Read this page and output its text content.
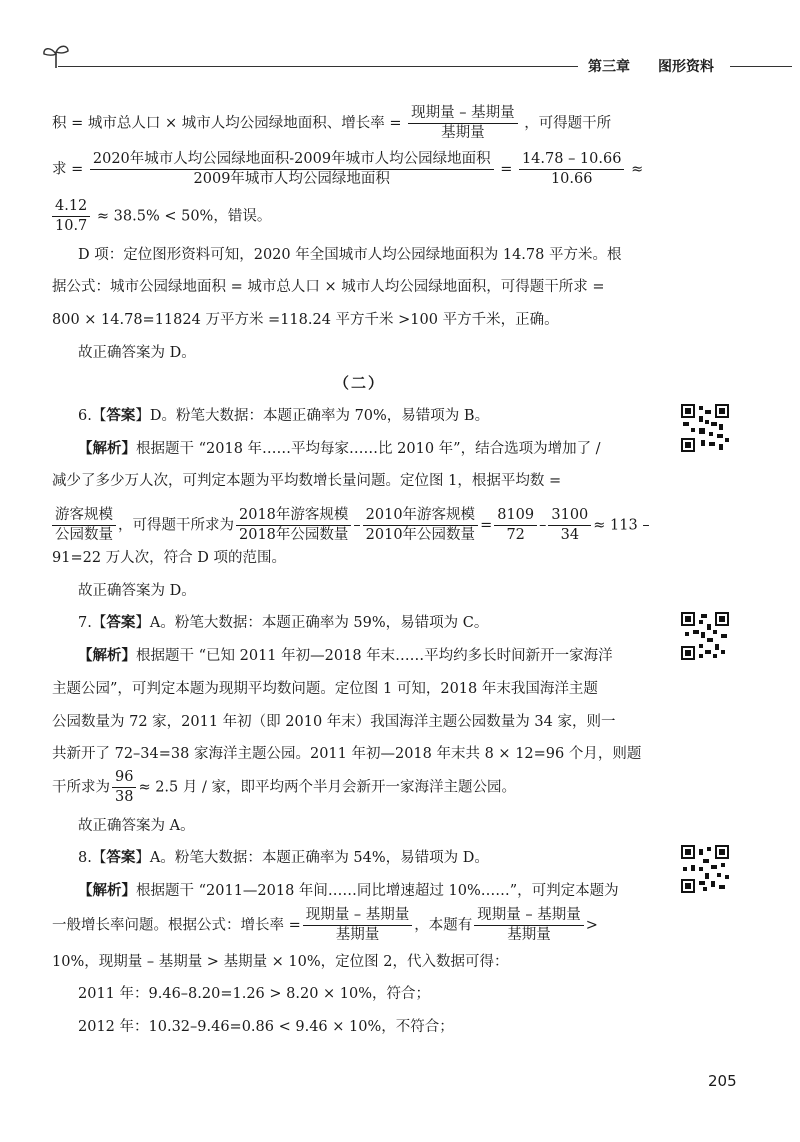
第三章 图形资料
积 = 城市总人口 × 城市人均公园绿地面积、增长率 = $\frac{\text{现期量 – 基期量}}{\text{基期量}}$ ，可得题干所
求 = $\frac{\text{2020年城市人均公园绿地面积-2009年城市人均公园绿地面积}}{\text{2009年城市人均公园绿地面积}} = \frac{14.78 - 10.66}{10.66}$ ≈
$\frac{4.12}{10.7} \approx 38.5\% < 50\%$，错误。
D 项：定位图形资料可知，2020 年全国城市人均公园绿地面积为 14.78 平方米。根
据公式：城市公园绿地面积 = 城市总人口 × 城市人均公园绿地面积，可得题干所求 =
800 × 14.78=11824 万平方米 =118.24 平方千米 >100 平方千米，正确。
故正确答案为 D。
（二）
6.【答案】D。粉笔大数据：本题正确率为 70%，易错项为 B。
【解析】根据题干 “2018 年……平均每家……比 2010 年”，结合选项为增加了 /
减少了多少万人次，可判定本题为平均数增长量问题。定位图 1，根据平均数 =
$\frac{\text{游客规模}}{\text{公园数量}}$ ，可得题干所求为 $\frac{\text{2018年游客规模}}{\text{2018年公园数量}} - \frac{\text{2010年游客规模}}{\text{2010年公园数量}} = \frac{8109}{72} - \frac{3100}{34} \approx 113$ –
91=22 万人次，符合 D 项的范围。
故正确答案为 D。
7.【答案】A。粉笔大数据：本题正确率为 59%，易错项为 C。
【解析】根据题干 “已知 2011 年初—2018 年末……平均约多长时间新开一家海洋
主题公园”，可判定本题为现期平均数问题。定位图 1 可知，2018 年末我国海洋主题
公园数量为 72 家，2011 年初（即 2010 年末）我国海洋主题公园数量为 34 家，则一
共新开了 72–34=38 家海洋主题公园。2011 年初—2018 年末共 8 × 12=96 个月，则题
干所求为 $\frac{96}{38} \approx 2.5$ 月 / 家，即平均两个半月会新开一家海洋主题公园。
故正确答案为 A。
8.【答案】A。粉笔大数据：本题正确率为 54%，易错项为 D。
【解析】根据题干 “2011—2018 年间……同比增速超过 10%……”，可判定本题为
一般增长率问题。根据公式：增长率 = $\frac{\text{现期量 – 基期量}}{\text{基期量}}$ ，本题有 $\frac{\text{现期量 – 基期量}}{\text{基期量}}$ >
10%，现期量 – 基期量 > 基期量 × 10%，定位图 2，代入数据可得：
2011 年：9.46–8.20=1.26 > 8.20 × 10%，符合；
2012 年：10.32–9.46=0.86 < 9.46 × 10%，不符合；
205
